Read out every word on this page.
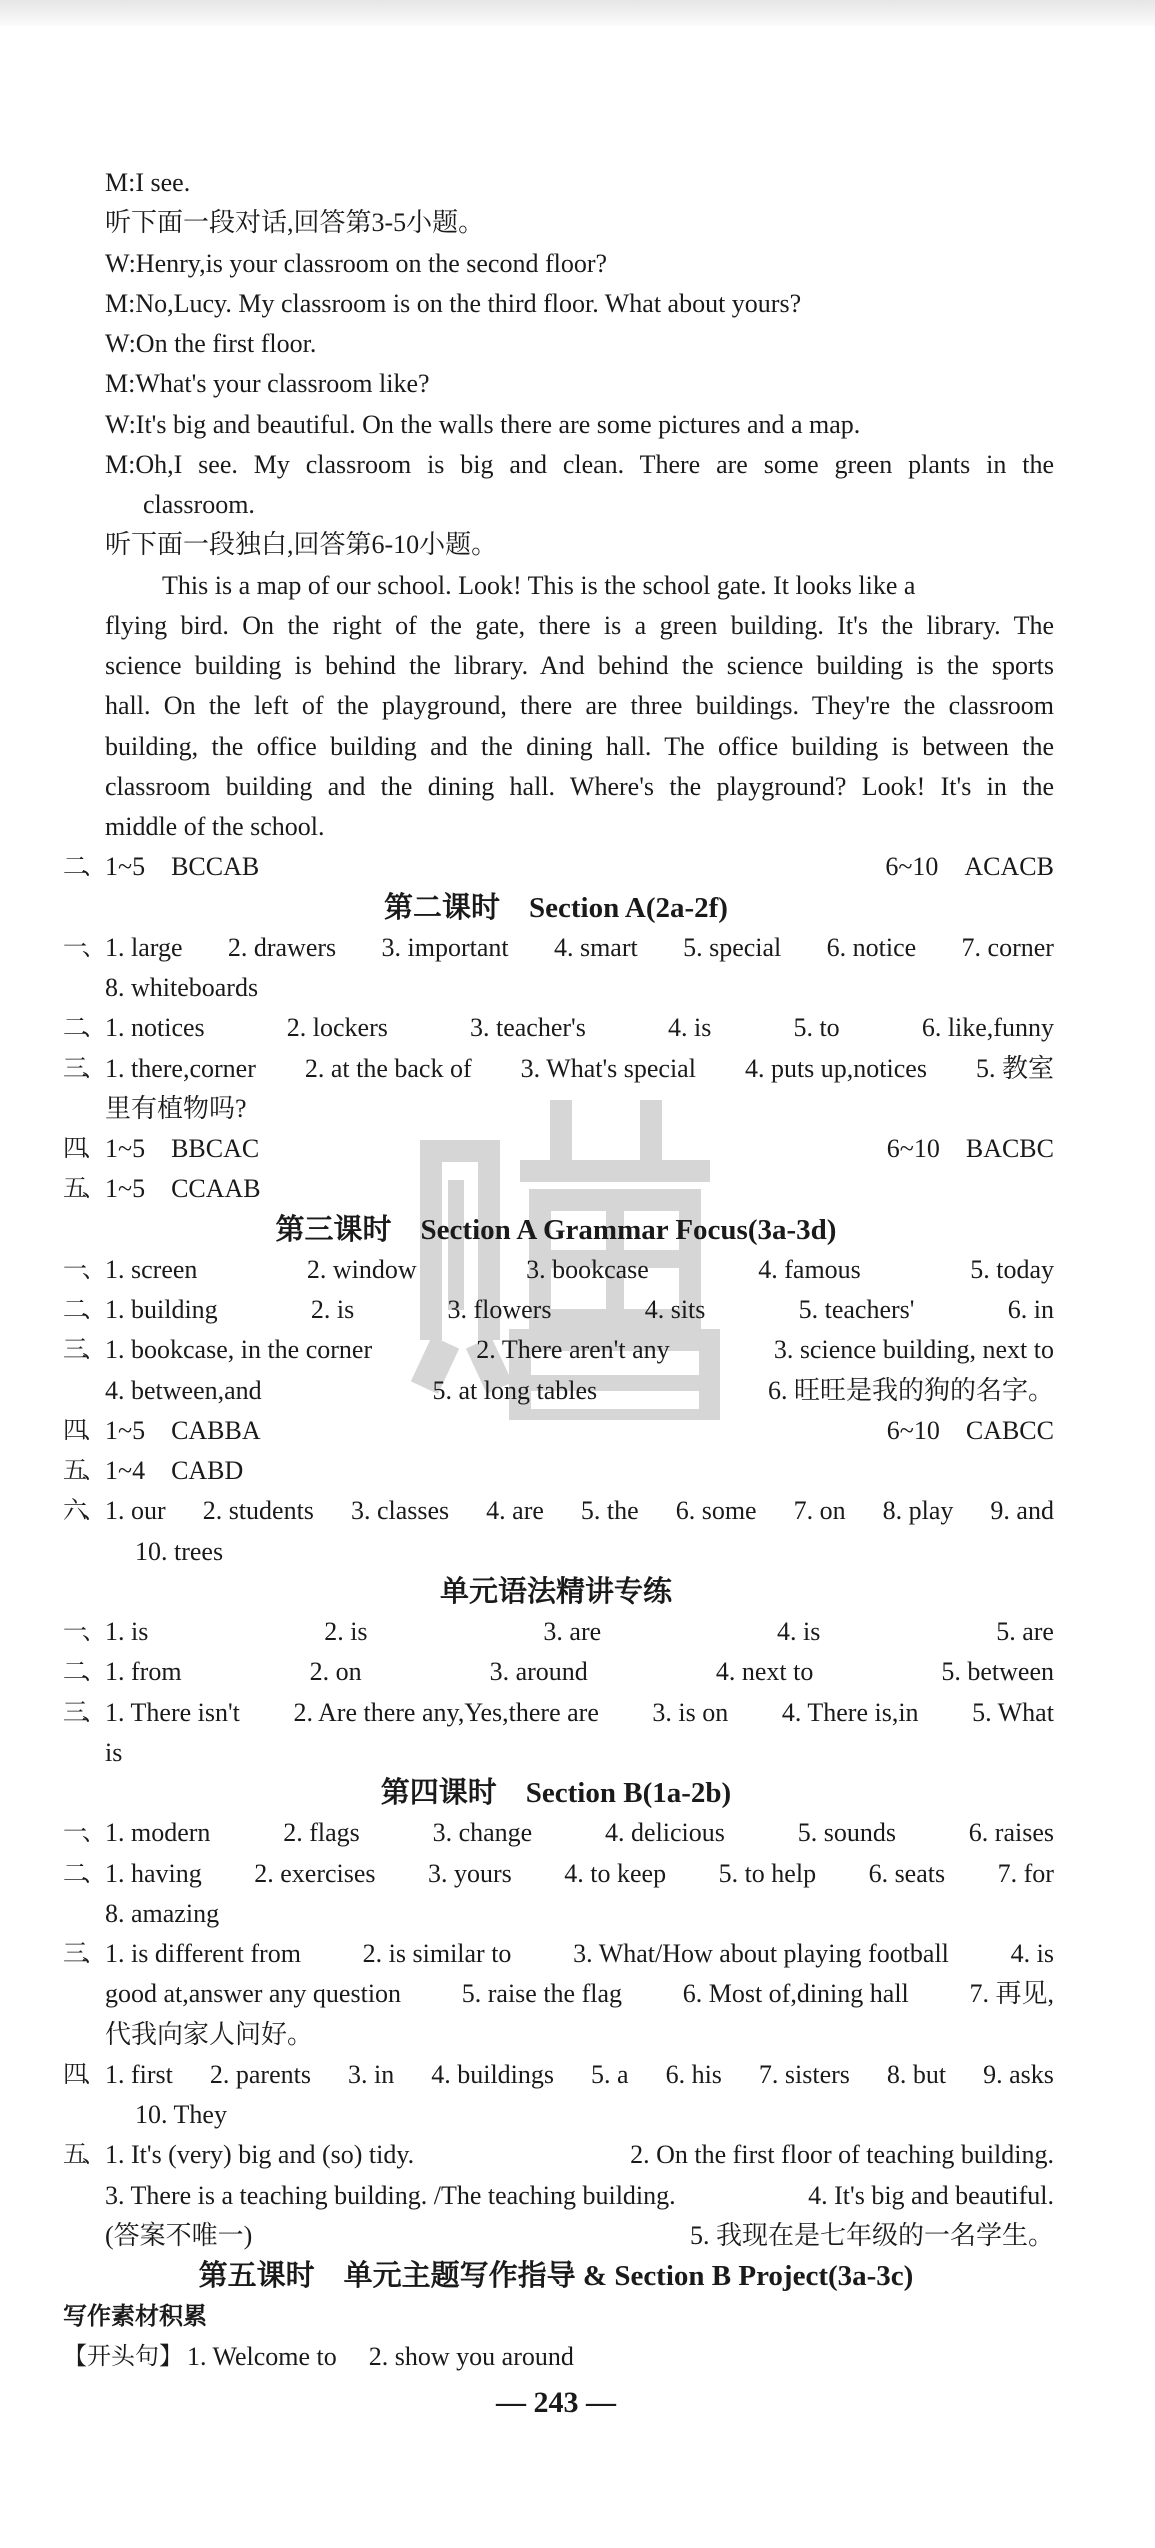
M:I see.
听下面一段对话,回答第3-5小题。
W:Henry,is your classroom on the second floor?
M:No,Lucy. My classroom is on the third floor. What about yours?
W:On the first floor.
M:What's your classroom like?
W:It's big and beautiful. On the walls there are some pictures and a map.
M:Oh,I see. My classroom is big and clean. There are some green plants in the
classroom.
听下面一段独白,回答第6-10小题。
This is a map of our school. Look! This is the school gate. It looks like a
flying bird. On the right of the gate, there is a green building. It's the library. The
science building is behind the library. And behind the science building is the sports
hall. On the left of the playground, there are three buildings. They're the classroom
building, the office building and the dining hall. The office building is between the
classroom building and the dining hall. Where's the playground? Look! It's in the
middle of the school.
二、 1~5　BCCAB	6~10　ACACB
第二课时　Section A(2a-2f)
一、 1. large 2. drawers 3. important 4. smart 5. special 6. notice 7. corner
8. whiteboards
二、 1. notices	2. lockers	3. teacher's	4. is	5. to	6. like,funny
三、 1. there,corner 2. at the back of 3. What's special 4. puts up,notices 5. 教室
里有植物吗?
四、 1~5　BBCAC	6~10　BACBC
五、 1~5　CCAAB
第三课时　Section A Grammar Focus(3a-3d)
一、 1. screen	2. window	3. bookcase	4. famous	5. today
二、 1. building	2. is	3. flowers	4. sits	5. teachers'	6. in
三、 1. bookcase, in the corner	2. There aren't any	3. science building, next to
4. between,and	5. at long tables	6. 旺旺是我的狗的名字。
四、 1~5　CABBA	6~10　CABCC
五、 1~4　CABD
六、 1. our 2. students 3. classes 4. are 5. the 6. some 7. on 8. play 9. and
10. trees
单元语法精讲专练
一、 1. is	2. is	3. are	4. is	5. are
二、 1. from	2. on	3. around	4. next to	5. between
三、 1. There isn't 2. Are there any,Yes,there are 3. is on 4. There is,in 5. What
is
第四课时　Section B(1a-2b)
一、 1. modern	2. flags	3. change	4. delicious	5. sounds	6. raises
二、 1. having 2. exercises 3. yours 4. to keep 5. to help 6. seats 7. for
8. amazing
三、 1. is different from 2. is similar to 3. What/How about playing football 4. is
good at,answer any question 5. raise the flag 6. Most of,dining hall 7. 再见,
代我向家人问好。
四、 1. first 2. parents 3. in 4. buildings 5. a 6. his 7. sisters 8. but 9. asks
10. They
五、 1. It's (very) big and (so) tidy.	2. On the first floor of teaching building.
3. There is a teaching building. /The teaching building.	4. It's big and beautiful.
(答案不唯一)	5. 我现在是七年级的一名学生。
第五课时　单元主题写作指导 & Section B Project(3a-3c)
写作素材积累
【开头句】 1. Welcome to 2. show you around
— 243 —
